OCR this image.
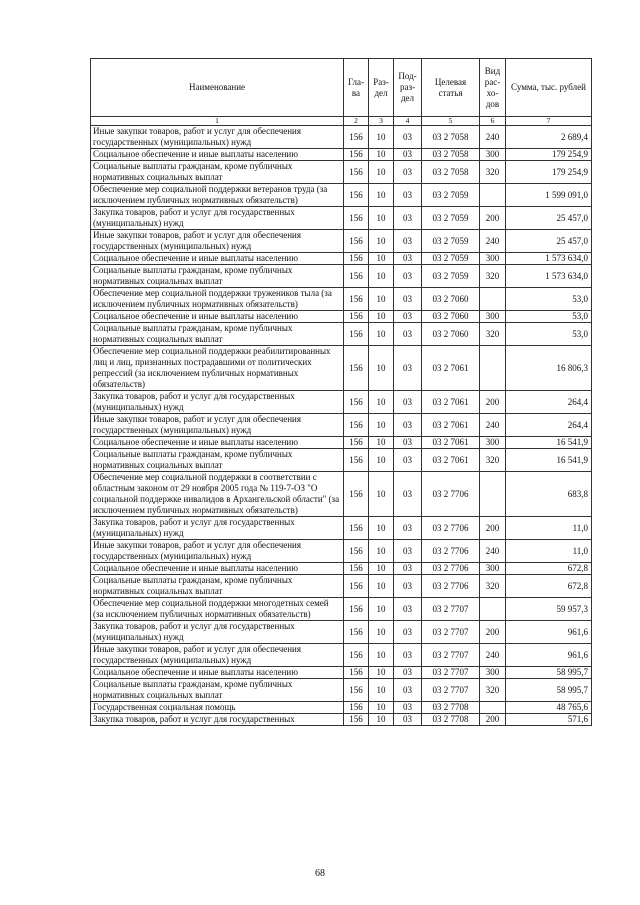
Наименование	Гла-ва	Раз-дел	Под-раз-дел	Целевая статья	Вид рас-хо-дов	Сумма, тыс. рублей
1	2	3	4	5	6	7
Иные закупки товаров, работ и услуг для обеспечения государственных (муниципальных) нужд	156	10	03	03 2 7058	240	2 689,4
Социальное обеспечение и иные выплаты населению	156	10	03	03 2 7058	300	179 254,9
Социальные выплаты гражданам, кроме публичных нормативных социальных выплат	156	10	03	03 2 7058	320	179 254,9
Обеспечение мер социальной поддержки ветеранов труда (за исключением публичных нормативных обязательств)	156	10	03	03 2 7059		1 599 091,0
Закупка товаров, работ и услуг для государственных (муниципальных) нужд	156	10	03	03 2 7059	200	25 457,0
Иные закупки товаров, работ и услуг для обеспечения государственных (муниципальных) нужд	156	10	03	03 2 7059	240	25 457,0
Социальное обеспечение и иные выплаты населению	156	10	03	03 2 7059	300	1 573 634,0
Социальные выплаты гражданам, кроме публичных нормативных социальных выплат	156	10	03	03 2 7059	320	1 573 634,0
Обеспечение мер социальной поддержки тружеников тыла (за исключением публичных нормативных обязательств)	156	10	03	03 2 7060		53,0
Социальное обеспечение и иные выплаты населению	156	10	03	03 2 7060	300	53,0
Социальные выплаты гражданам, кроме публичных нормативных социальных выплат	156	10	03	03 2 7060	320	53,0
Обеспечение мер социальной поддержки реабилитированных лиц и лиц, признанных пострадавшими от политических репрессий (за исключением публичных нормативных обязательств)	156	10	03	03 2 7061		16 806,3
Закупка товаров, работ и услуг для государственных (муниципальных) нужд	156	10	03	03 2 7061	200	264,4
Иные закупки товаров, работ и услуг для обеспечения государственных (муниципальных) нужд	156	10	03	03 2 7061	240	264,4
Социальное обеспечение и иные выплаты населению	156	10	03	03 2 7061	300	16 541,9
Социальные выплаты гражданам, кроме публичных нормативных социальных выплат	156	10	03	03 2 7061	320	16 541,9
Обеспечение мер социальной поддержки в соответствии с областным законом от 29 ноября 2005 года № 119-7-ОЗ "О социальной поддержке инвалидов в Архангельской области" (за исключением публичных нормативных обязательств)	156	10	03	03 2 7706		683,8
Закупка товаров, работ и услуг для государственных (муниципальных) нужд	156	10	03	03 2 7706	200	11,0
Иные закупки товаров, работ и услуг для обеспечения государственных (муниципальных) нужд	156	10	03	03 2 7706	240	11,0
Социальное обеспечение и иные выплаты населению	156	10	03	03 2 7706	300	672,8
Социальные выплаты гражданам, кроме публичных нормативных социальных выплат	156	10	03	03 2 7706	320	672,8
Обеспечение мер социальной поддержки многодетных семей (за исключением публичных нормативных обязательств)	156	10	03	03 2 7707		59 957,3
Закупка товаров, работ и услуг для государственных (муниципальных) нужд	156	10	03	03 2 7707	200	961,6
Иные закупки товаров, работ и услуг для обеспечения государственных (муниципальных) нужд	156	10	03	03 2 7707	240	961,6
Социальное обеспечение и иные выплаты населению	156	10	03	03 2 7707	300	58 995,7
Социальные выплаты гражданам, кроме публичных нормативных социальных выплат	156	10	03	03 2 7707	320	58 995,7
Государственная социальная помощь	156	10	03	03 2 7708		48 765,6
Закупка товаров, работ и услуг для государственных	156	10	03	03 2 7708	200	571,6
68
